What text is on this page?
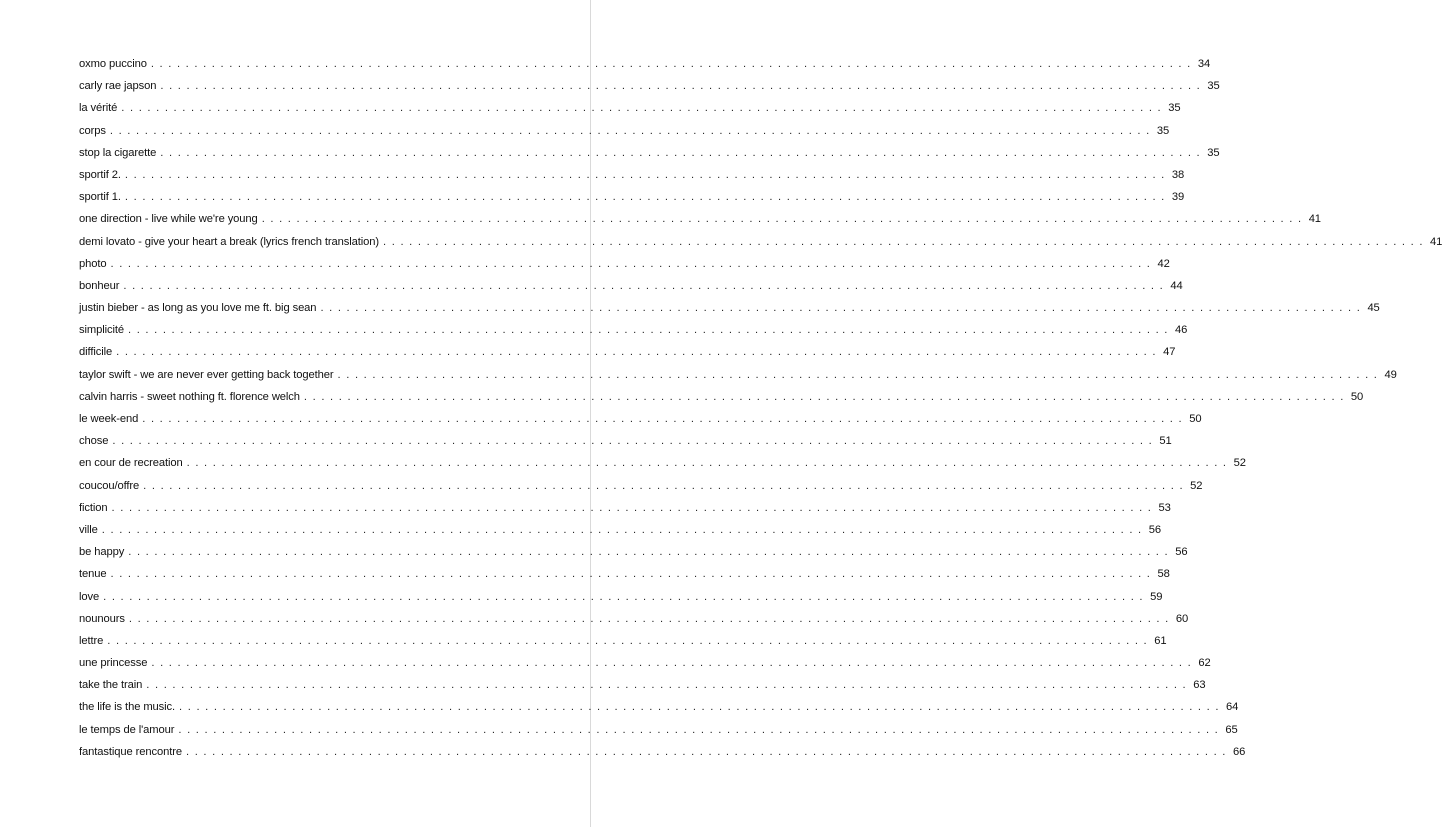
oxmo puccino ........................................................................................................................ 34
carly rae japson ........................................................................................................................ 35
la vérité ........................................................................................................................ 35
corps ........................................................................................................................ 35
stop la cigarette ........................................................................................................................ 35
sportif 2. ........................................................................................................................ 38
sportif 1. ........................................................................................................................ 39
one direction - live while we're young ........................................................................................................................ 41
demi lovato - give your heart a break (lyrics french translation) ........................................................................................................................ 41
photo ........................................................................................................................ 42
bonheur ........................................................................................................................ 44
justin bieber - as long as you love me ft. big sean ........................................................................................................................ 45
simplicité ........................................................................................................................ 46
difficile ........................................................................................................................ 47
taylor swift - we are never ever getting back together ........................................................................................................................ 49
calvin harris - sweet nothing ft. florence welch ........................................................................................................................ 50
le week-end ........................................................................................................................ 50
chose ........................................................................................................................ 51
en cour de recreation ........................................................................................................................ 52
coucou/offre ........................................................................................................................ 52
fiction ........................................................................................................................ 53
ville ........................................................................................................................ 56
be happy ........................................................................................................................ 56
tenue ........................................................................................................................ 58
love ........................................................................................................................ 59
nounours ........................................................................................................................ 60
lettre ........................................................................................................................ 61
une princesse ........................................................................................................................ 62
take the train ........................................................................................................................ 63
the life is the music. ........................................................................................................................ 64
le temps de l'amour ........................................................................................................................ 65
fantastique rencontre ........................................................................................................................ 66
